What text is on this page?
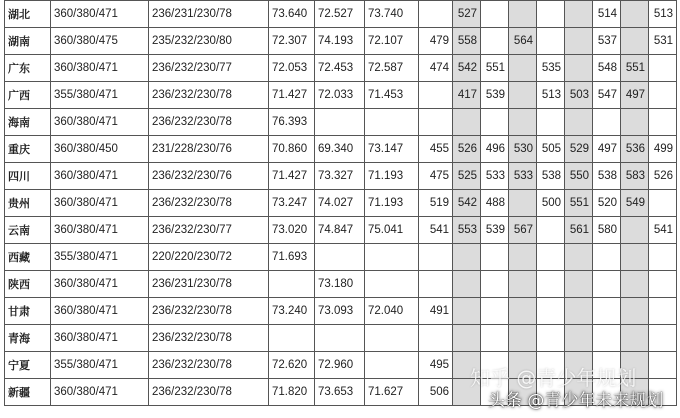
湖北	360/380/471	236/231/230/78	73.640	72.527	73.740		527					514		513
湖南	360/380/475	235/232/230/80	72.307	74.193	72.107	479	558		564			537		531
广东	360/380/471	236/232/230/77	72.053	72.453	72.587	474	542	551		535		548	551	
广西	355/380/471	236/232/230/78	71.427	72.033	71.453		417	539		513	503	547	497	
海南	360/380/471	236/232/230/78	76.393											
重庆	360/380/450	231/228/230/76	70.860	69.340	73.147	455	526	496	530	505	529	497	536	499
四川	360/380/471	236/232/230/76	71.427	73.327	71.193	475	525	533	533	538	550	538	583	526
贵州	360/380/471	236/232/230/78	73.247	74.027	71.193	519	542	488		500	551	520	549	
云南	360/380/471	236/232/230/77	73.020	74.847	75.041	541	553	539	567		561	580		541
西藏	355/380/471	220/220/230/72	71.693											
陕西	360/380/471	236/231/230/78		73.180										
甘肃	360/380/471	236/232/230/78	73.240	73.093	72.040	491								
青海	360/380/471	236/232/230/78												
宁夏	355/380/471	236/232/230/78	72.620	72.960		495								
新疆	360/380/471	236/232/230/78	71.820	73.653	71.627	506								
知乎 @青少年规划
头条 @青少年未来规划
